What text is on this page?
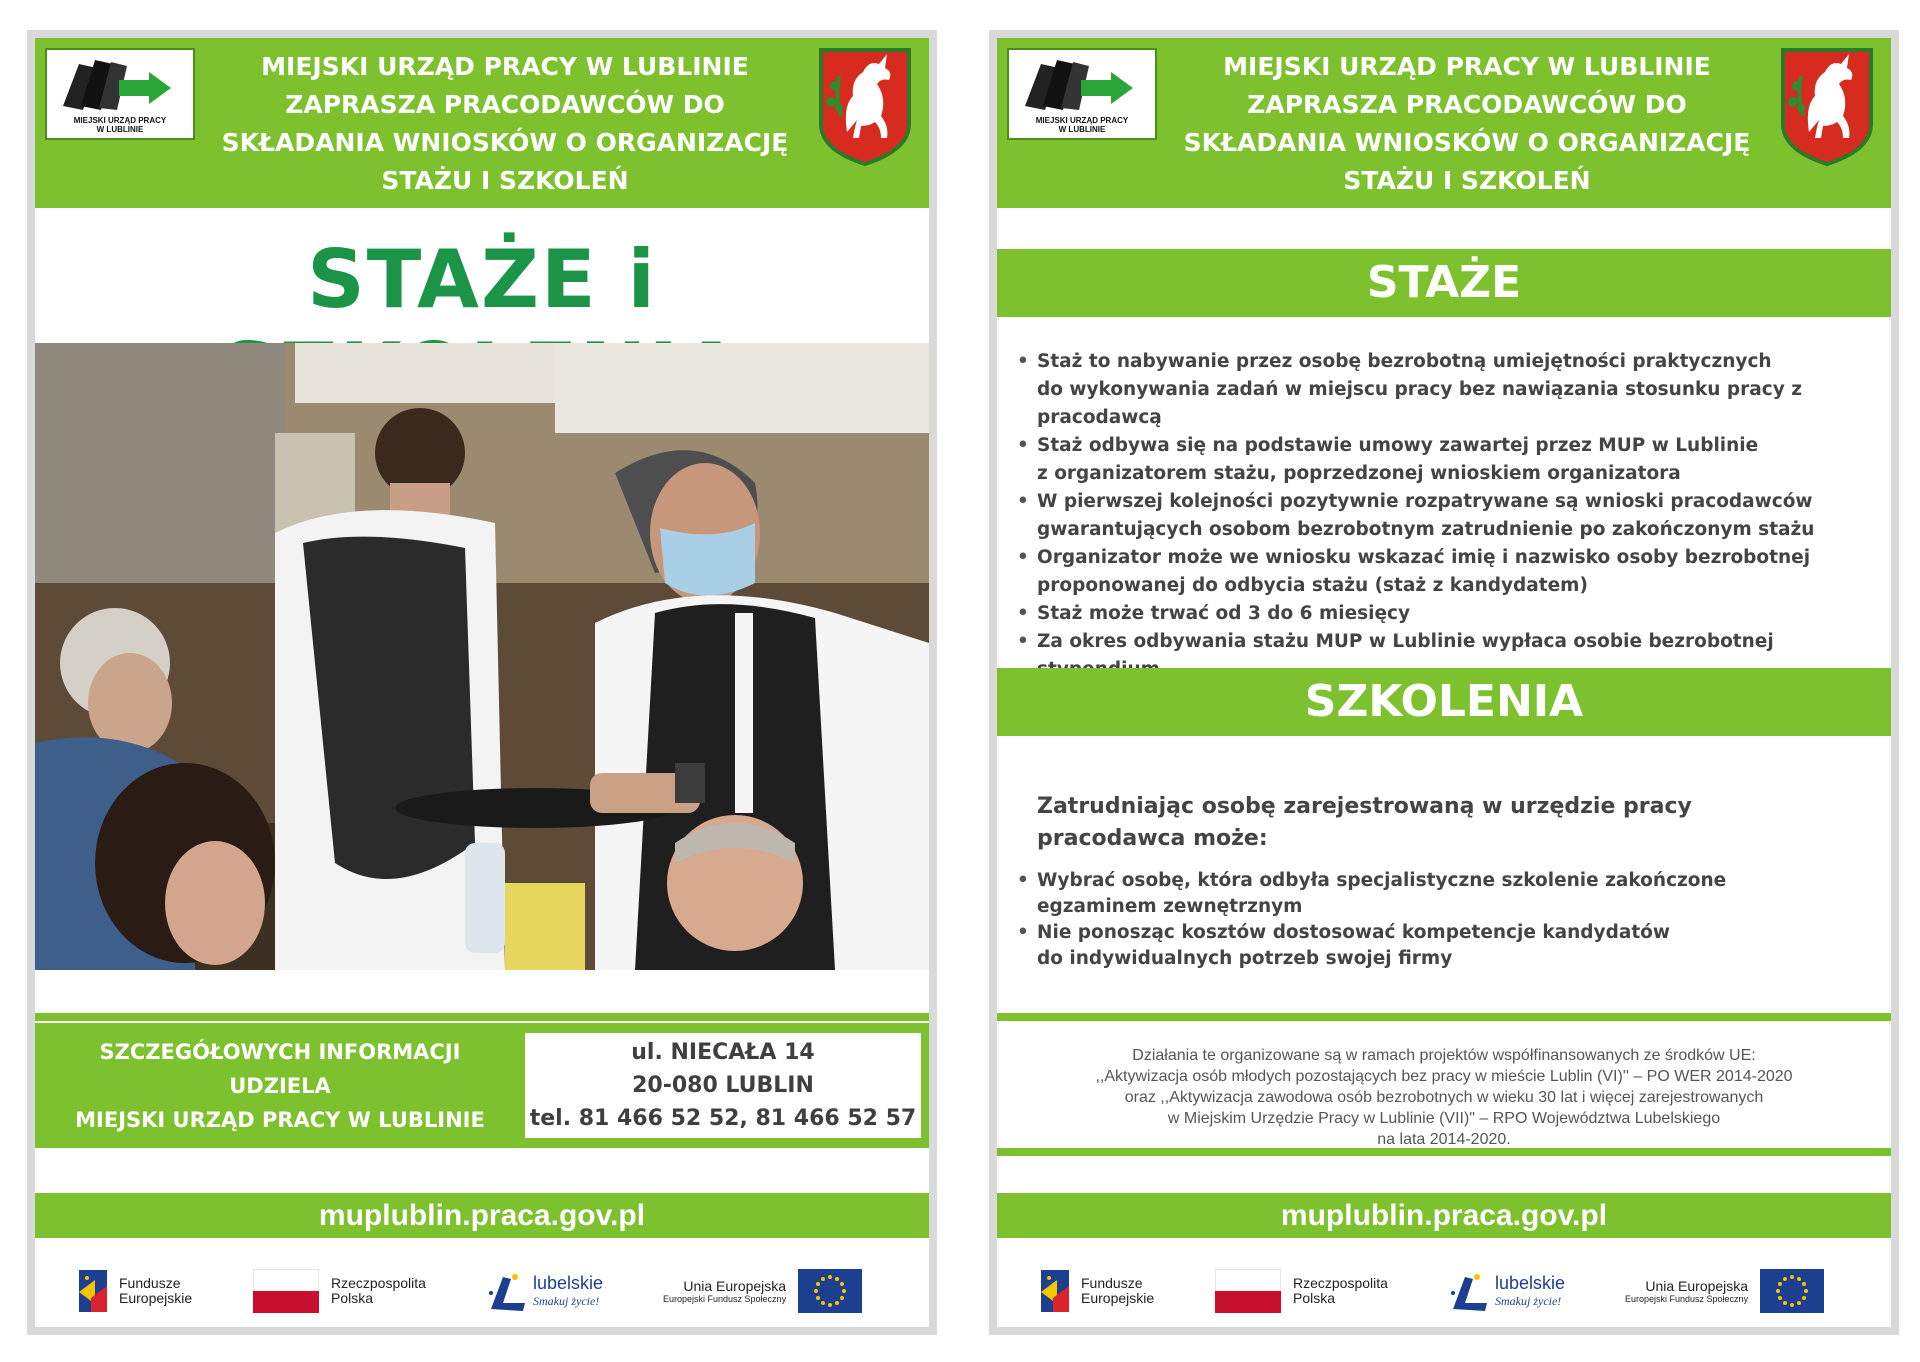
MIEJSKI URZĄD PRACY
W LUBLINIE
MIEJSKI URZĄD PRACY W LUBLINIE
ZAPRASZA PRACODAWCÓW DO
SKŁADANIA WNIOSKÓW O ORGANIZACJĘ
STAŻU I SZKOLEŃ
STAŻE i
SZCZEGÓŁOWYCH INFORMACJI
UDZIELA
MIEJSKI URZĄD PRACY W LUBLINIE
ul. NIECAŁA 14
20-080 LUBLIN
tel. 81 466 52 52, 81 466 52 57
muplublin.praca.gov.pl
Fundusze
Europejskie
Rzeczpospolita
Polska
lubelskie
Smakuj życie!
Unia Europejska
Europejski Fundusz Społeczny
MIEJSKI URZĄD PRACY
W LUBLINIE
MIEJSKI URZĄD PRACY W LUBLINIE
ZAPRASZA PRACODAWCÓW DO
SKŁADANIA WNIOSKÓW O ORGANIZACJĘ
STAŻU I SZKOLEŃ
STAŻE
• Staż to nabywanie przez osobę bezrobotną umiejętności praktycznych
do wykonywania zadań w miejscu pracy bez nawiązania stosunku pracy z pracodawcą
• Staż odbywa się na podstawie umowy zawartej przez MUP w Lublinie
z organizatorem stażu, poprzedzonej wnioskiem organizatora
• W pierwszej kolejności pozytywnie rozpatrywane są wnioski pracodawców
gwarantujących osobom bezrobotnym zatrudnienie po zakończonym stażu
• Organizator może we wniosku wskazać imię i nazwisko osoby bezrobotnej
proponowanej do odbycia stażu (staż z kandydatem)
• Staż może trwać od 3 do 6 miesięcy
• Za okres odbywania stażu MUP w Lublinie wypłaca osobie bezrobotnej
SZKOLENIA
Zatrudniając osobę zarejestrowaną w urzędzie pracy
pracodawca może:
• Wybrać osobę, która odbyła specjalistyczne szkolenie zakończone
egzaminem zewnętrznym
• Nie ponosząc kosztów dostosować kompetencje kandydatów
do indywidualnych potrzeb swojej firmy
Działania te organizowane są w ramach projektów współfinansowanych ze środków UE:
,,Aktywizacja osób młodych pozostających bez pracy w mieście Lublin (VI)'' – PO WER 2014-2020
oraz ,,Aktywizacja zawodowa osób bezrobotnych w wieku 30 lat i więcej zarejestrowanych
w Miejskim Urzędzie Pracy w Lublinie (VII)" – RPO Województwa Lubelskiego
na lata 2014-2020.
muplublin.praca.gov.pl
Fundusze
Europejskie
Rzeczpospolita
Polska
lubelskie
Smakuj życie!
Unia Europejska
Europejski Fundusz Społeczny
